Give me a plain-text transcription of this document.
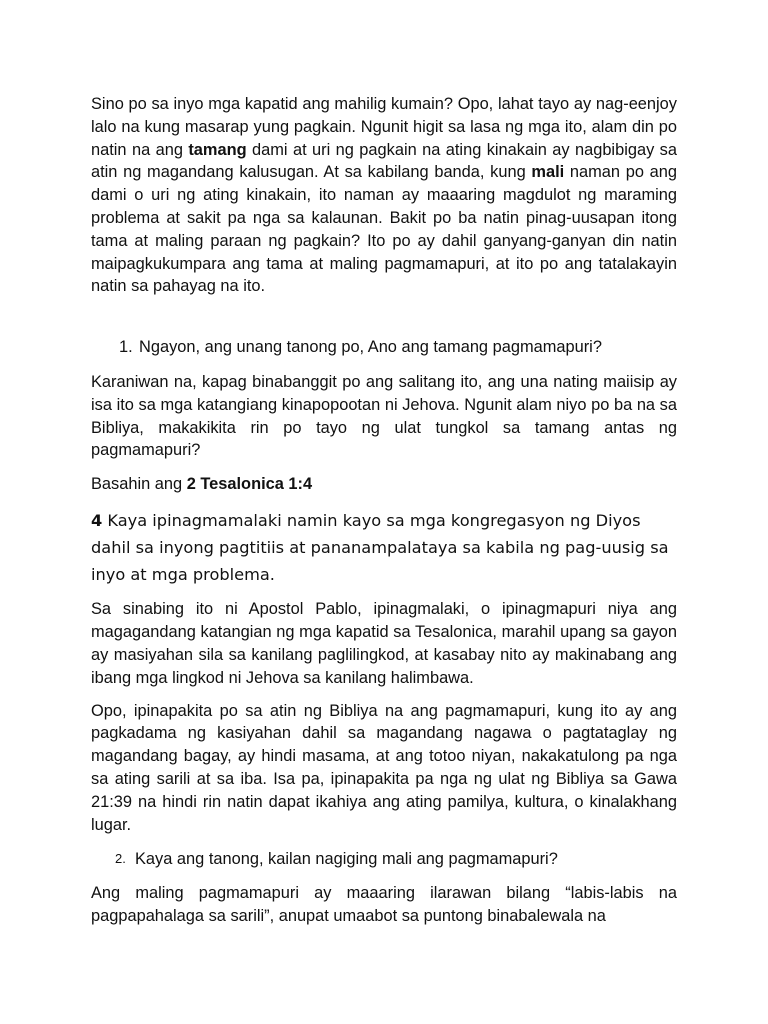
Sino po sa inyo mga kapatid ang mahilig kumain? Opo, lahat tayo ay nag-eenjoy lalo na kung masarap yung pagkain. Ngunit higit sa lasa ng mga ito, alam din po natin na ang tamang dami at uri ng pagkain na ating kinakain ay nagbibigay sa atin ng magandang kalusugan. At sa kabilang banda, kung mali naman po ang dami o uri ng ating kinakain, ito naman ay maaaring magdulot ng maraming problema at sakit pa nga sa kalaunan. Bakit po ba natin pinag-uusapan itong tama at maling paraan ng pagkain? Ito po ay dahil ganyang-ganyan din natin maipagkukumpara ang tama at maling pagmamapuri, at ito po ang tatalakayin natin sa pahayag na ito.

1. Ngayon, ang unang tanong po, Ano ang tamang pagmamapuri?

Karaniwan na, kapag binabanggit po ang salitang ito, ang una nating maiisip ay isa ito sa mga katangiang kinapopootan ni Jehova. Ngunit alam niyo po ba na sa Bibliya, makakikita rin po tayo ng ulat tungkol sa tamang antas ng pagmamapuri?

Basahin ang 2 Tesalonica 1:4
4 Kaya ipinagmamalaki namin kayo sa mga kongregasyon ng Diyos dahil sa inyong pagtitiis at pananampalataya sa kabila ng pag-uusig sa inyo at mga problema.

Sa sinabing ito ni Apostol Pablo, ipinagmalaki, o ipinagmapuri niya ang magagandang katangian ng mga kapatid sa Tesalonica, marahil upang sa gayon ay masiyahan sila sa kanilang paglilingkod, at kasabay nito ay makinabang ang ibang mga lingkod ni Jehova sa kanilang halimbawa.

Opo, ipinapakita po sa atin ng Bibliya na ang pagmamapuri, kung ito ay ang pagkadama ng kasiyahan dahil sa magandang nagawa o pagtataglay ng magandang bagay, ay hindi masama, at ang totoo niyan, nakakatulong pa nga sa ating sarili at sa iba. Isa pa, ipinapakita pa nga ng ulat ng Bibliya sa Gawa 21:39 na hindi rin natin dapat ikahiya ang ating pamilya, kultura, o kinalakhang lugar.

2. Kaya ang tanong, kailan nagiging mali ang pagmamapuri?

Ang maling pagmamapuri ay maaaring ilarawan bilang “labis-labis na pagpapahalaga sa sarili”, anupat umaabot sa puntong binabalewala na
